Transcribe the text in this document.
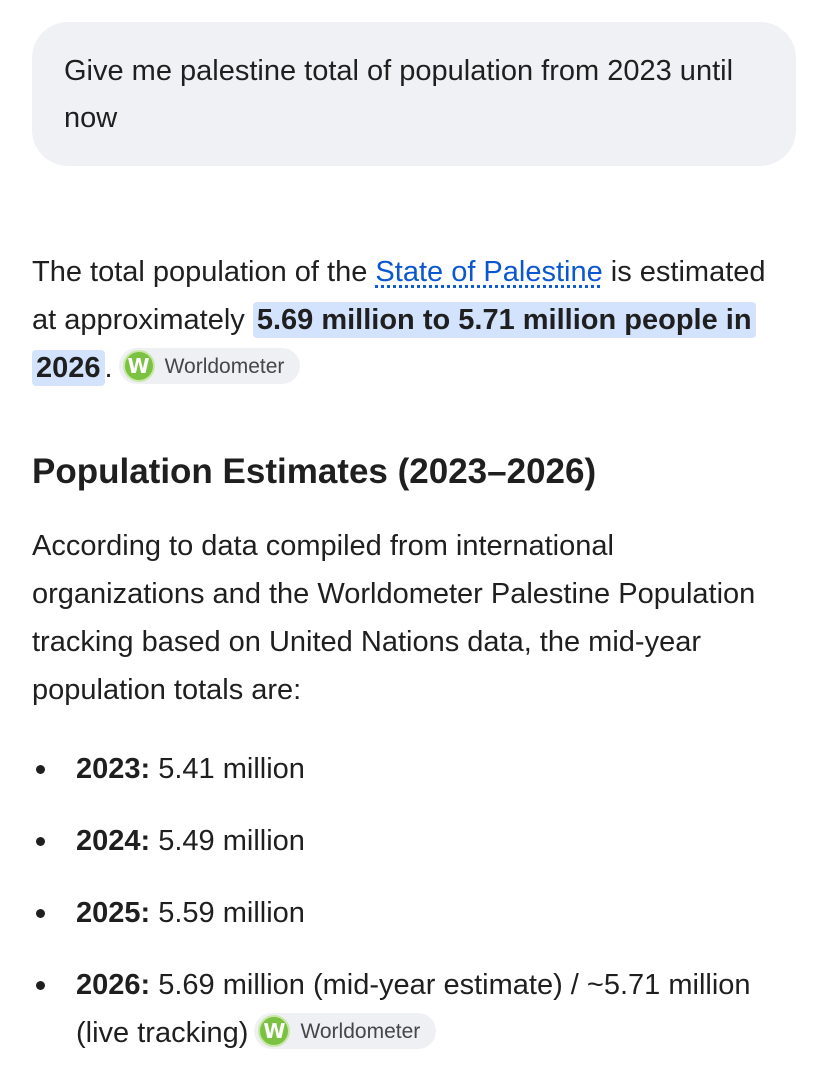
Give me palestine total of population from 2023 until now
The total population of the State of Palestine is estimated at approximately 5.69 million to 5.71 million people in 2026 . W Worldometer
Population Estimates (2023–2026)
According to data compiled from international organizations and the Worldometer Palestine Population tracking based on United Nations data, the mid-year population totals are:
2023: 5.41 million
2024: 5.49 million
2025: 5.59 million
2026: 5.69 million (mid-year estimate) / ~5.71 million (live tracking) W Worldometer
